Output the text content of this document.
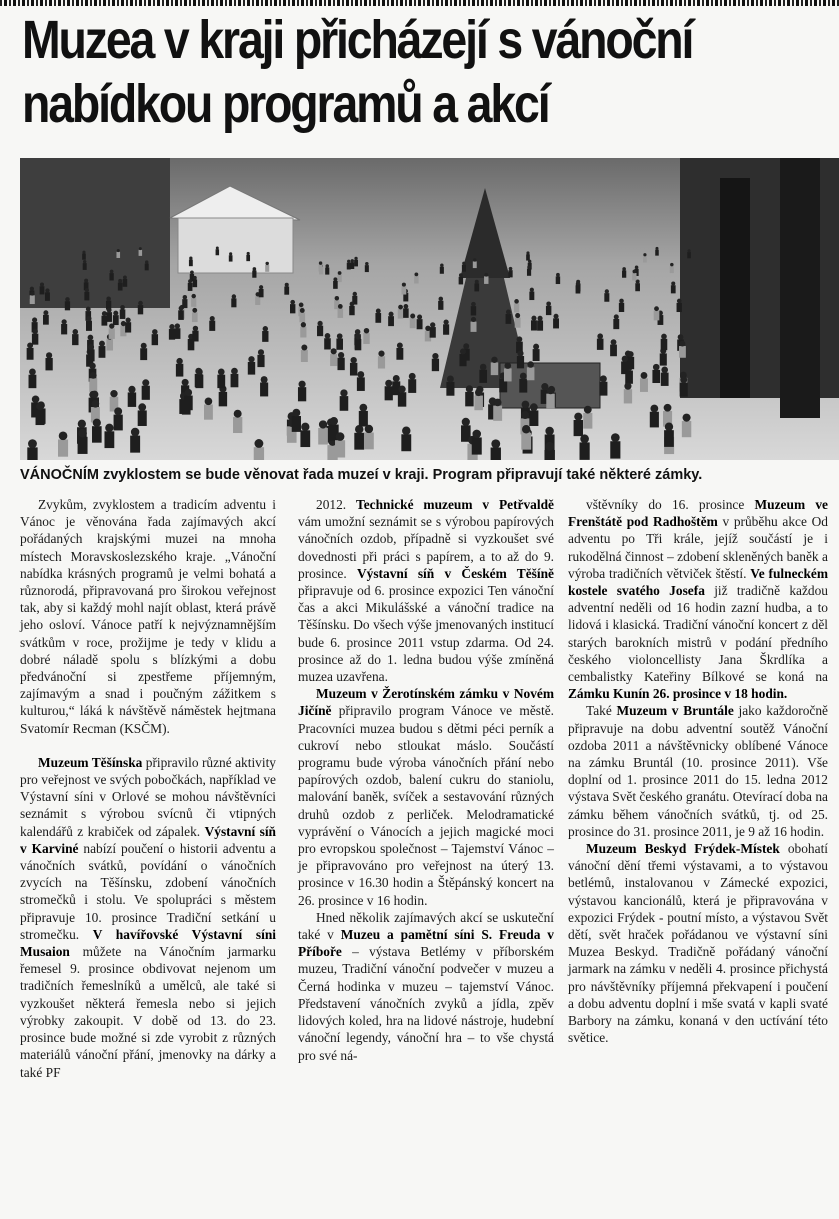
Muzea v kraji přicházejí s vánoční
nabídkou programů a akcí
VÁNOČNÍM zvyklostem se bude věnovat řada muzeí v kraji. Program připravují také některé zámky.

Zvykům, zvyklostem a tradicím adventu i Vánoc je věnována řada zajímavých akcí pořádaných krajskými muzei na mnoha místech Moravskoslezského kraje. „Vánoční nabídka krásných programů je velmi bohatá a různorodá, připravovaná pro širokou veřejnost tak, aby si každý mohl najít oblast, která právě jeho osloví. Vánoce patří k nejvýznamnějším svátkům v roce, prožijme je tedy v klidu a dobré náladě spolu s blízkými a dobu předvánoční si zpestřeme příjemným, zajímavým a snad i poučným zážitkem s kulturou,“ láká k návštěvě náměstek hejtmana Svatomír Recman (KSČM).

Muzeum Těšínska připravilo různé aktivity pro veřejnost ve svých pobočkách, například ve Výstavní síni v Orlové se mohou návštěvníci seznámit s výrobou svícnů či vtipných kalendářů z krabiček od zápalek. Výstavní síň v Karviné nabízí poučení o historii adventu a vánočních svátků, povídání o vánočních zvycích na Těšínsku, zdobení vánočních stromečků i stolu. Ve spolupráci s městem připravuje 10. prosince Tradiční setkání u stromečku. V havířovské Výstavní síni Musaion můžete na Vánočním jarmarku řemesel 9. prosince obdivovat nejenom um tradičních řemeslníků a umělců, ale také si vyzkoušet některá řemesla nebo si jejich výrobky zakoupit. V době od 13. do 23. prosince bude možné si zde vyrobit z různých materiálů vánoční přání, jmenovky na dárky a také PF

2012. Technické muzeum v Petřvaldě vám umožní seznámit se s výrobou papírových vánočních ozdob, případně si vyzkoušet své dovednosti při práci s papírem, a to až do 9. prosince. Výstavní síň v Českém Těšíně připravuje od 6. prosince expozici Ten vánoční čas a akci Mikulášské a vánoční tradice na Těšínsku. Do všech výše jmenovaných institucí bude 6. prosince 2011 vstup zdarma. Od 24. prosince až do 1. ledna budou výše zmíněná muzea uzavřena.

Muzeum v Žerotínském zámku v Novém Jičíně připravilo program Vánoce ve městě. Pracovníci muzea budou s dětmi péci perník a cukroví nebo stloukat máslo. Součástí programu bude výroba vánočních přání nebo papírových ozdob, balení cukru do staniolu, malování baněk, svíček a sestavování různých druhů ozdob z perliček. Melodramatické vyprávění o Vánocích a jejich magické moci pro evropskou společnost – Tajemství Vánoc – je připravováno pro veřejnost na úterý 13. prosince v 16.30 hodin a Štěpánský koncert na 26. prosince v 16 hodin.

Hned několik zajímavých akcí se uskuteční také v Muzeu a pamětní síni S. Freuda v Příboře – výstava Betlémy v příborském muzeu, Tradiční vánoční podvečer v muzeu a Černá hodinka v muzeu – tajemství Vánoc. Představení vánočních zvyků a jídla, zpěv lidových koled, hra na lidové nástroje, hudební vánoční legendy, vánoční hra – to vše chystá pro své ná-

vštěvníky do 16. prosince Muzeum ve Frenštátě pod Radhoštěm v průběhu akce Od adventu po Tři krále, jejíž součástí je i rukodělná činnost – zdobení skleněných baněk a výroba tradičních větviček štěstí. Ve fulneckém kostele svatého Josefa již tradičně každou adventní neděli od 16 hodin zazní hudba, a to lidová i klasická. Tradiční vánoční koncert z děl starých barokních mistrů v podání předního českého violoncellisty Jana Škrdlíka a cembalistky Kateřiny Bílkové se koná na Zámku Kunín 26. prosince v 18 hodin.

Také Muzeum v Bruntále jako každoročně připravuje na dobu adventní soutěž Vánoční ozdoba 2011 a návštěvnicky oblíbené Vánoce na zámku Bruntál (10. prosince 2011). Vše doplní od 1. prosince 2011 do 15. ledna 2012 výstava Svět českého granátu. Otevírací doba na zámku během vánočních svátků, tj. od 25. prosince do 31. prosince 2011, je 9 až 16 hodin.

Muzeum Beskyd Frýdek-Místek obohatí vánoční dění třemi výstavami, a to výstavou betlémů, instalovanou v Zámecké expozici, výstavou kancionálů, která je připravována v expozici Frýdek - poutní místo, a výstavou Svět dětí, svět hraček pořádanou ve výstavní síni Muzea Beskyd. Tradičně pořádaný vánoční jarmark na zámku v neděli 4. prosince přichystá pro návštěvníky příjemná překvapení i poučení a dobu adventu doplní i mše svatá v kapli svaté Barbory na zámku, konaná v den uctívání této světice.
